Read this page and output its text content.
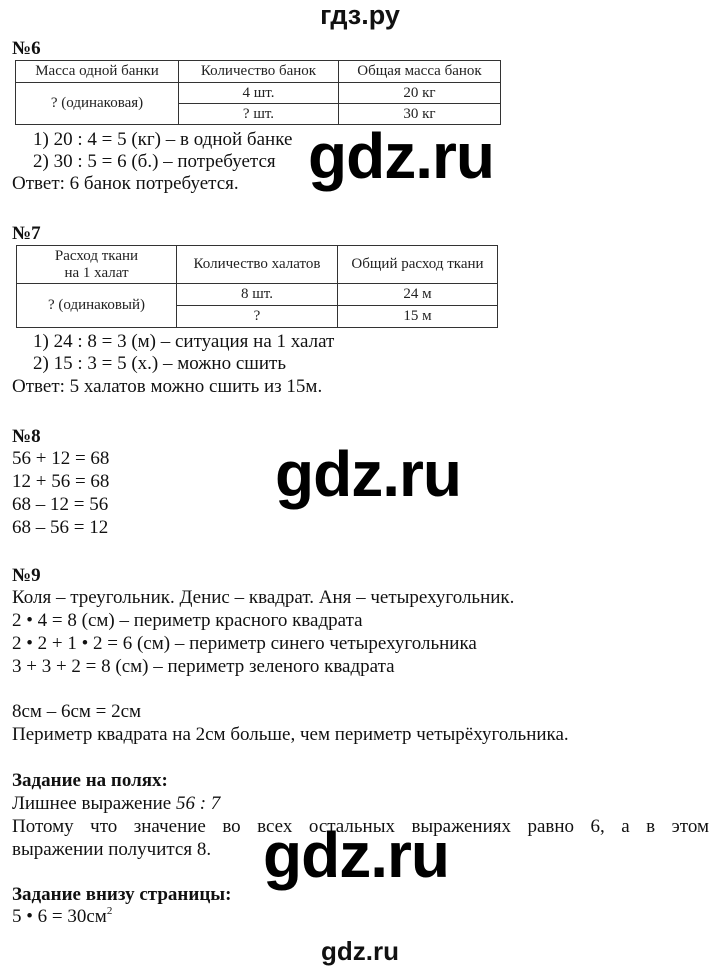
гдз.ру
№6
Масса одной банки	Количество банок	Общая масса банок
? (одинаковая)	4 шт.	20 кг
	? шт.	30 кг
1) 20 : 4 = 5 (кг) – в одной банке
2) 30 : 5 = 6 (б.) – потребуется
Ответ: 6 банок потребуется. gdz.ru
№7
Расход ткани
на 1 халат	Количество халатов	Общий расход ткани
? (одинаковый)	8 шт.	24 м
	?	15 м
1) 24 : 8 = 3 (м) – ситуация на 1 халат
2) 15 : 3 = 5 (х.) – можно сшить
Ответ: 5 халатов можно сшить из 15м.
№8
56 + 12 = 68
12 + 56 = 68
68 – 12 = 56
68 – 56 = 12
gdz.ru
№9
Коля – треугольник. Денис – квадрат. Аня – четырехугольник.
2 • 4 = 8 (см) – периметр красного квадрата
2 • 2 + 1 • 2 = 6 (см) – периметр синего четырехугольника
3 + 3 + 2 = 8 (см) – периметр зеленого квадрата
8см – 6см = 2см
Периметр квадрата на 2см больше, чем периметр четырёхугольника.
Задание на полях:
Лишнее выражение 56 : 7
Потому что значение во всех остальных выражениях равно 6, а в этом
выражении получится 8. gdz.ru
Задание внизу страницы:
5 • $6 = 30см^2$
gdz.ru
